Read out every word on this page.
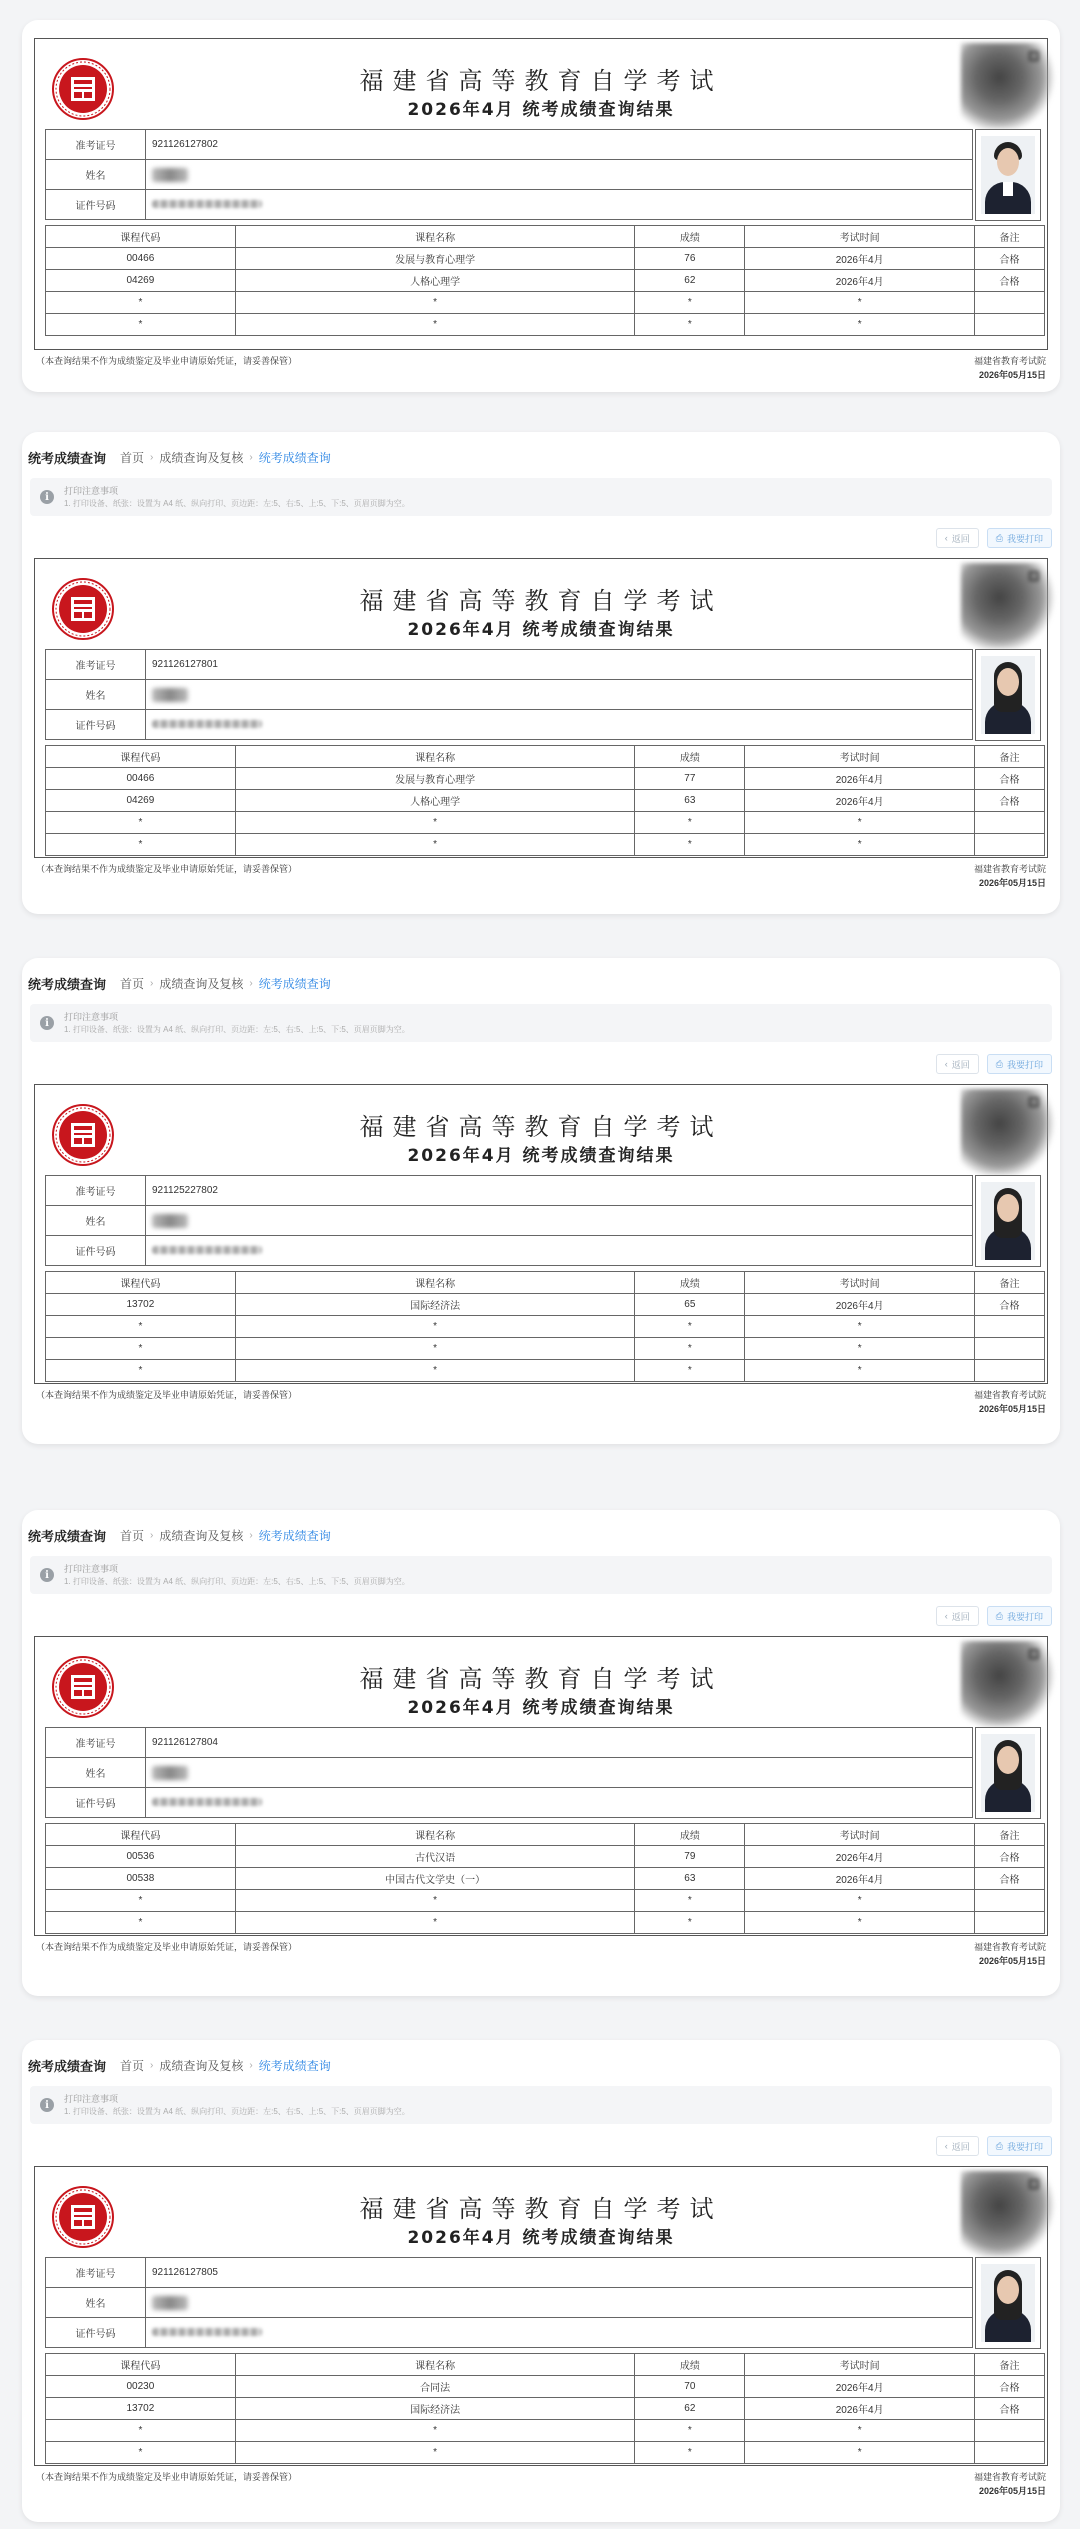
福建省高等教育自学考试
2026年4月 统考成绩查询结果
准考证号	921126127802
姓名	
证件号码	
课程代码	课程名称	成绩	考试时间	备注
00466	发展与教育心理学	76	2026年4月	合格
04269	人格心理学	62	2026年4月	合格
*	*	*	*	
*	*	*	*	
（本查询结果不作为成绩鉴定及毕业申请原始凭证，请妥善保管）	福建省教育考试院
2026年05月15日
统考成绩查询 首页 › 成绩查询及复核 › 统考成绩查询
i
打印注意事项
1. 打印设备、纸张：设置为 A4 纸、纵向打印、页边距：左:5、右:5、上:5、下:5、页眉页脚为空。
‹ 返回	⎙ 我要打印
福建省高等教育自学考试
2026年4月 统考成绩查询结果
准考证号	921126127801
姓名	
证件号码	
课程代码	课程名称	成绩	考试时间	备注
00466	发展与教育心理学	77	2026年4月	合格
04269	人格心理学	63	2026年4月	合格
*	*	*	*	
*	*	*	*	
（本查询结果不作为成绩鉴定及毕业申请原始凭证，请妥善保管）	福建省教育考试院
2026年05月15日
统考成绩查询 首页 › 成绩查询及复核 › 统考成绩查询
i
打印注意事项
1. 打印设备、纸张：设置为 A4 纸、纵向打印、页边距：左:5、右:5、上:5、下:5、页眉页脚为空。
‹ 返回	⎙ 我要打印
福建省高等教育自学考试
2026年4月 统考成绩查询结果
准考证号	921125227802
姓名	
证件号码	
课程代码	课程名称	成绩	考试时间	备注
13702	国际经济法	65	2026年4月	合格
*	*	*	*	
*	*	*	*	
*	*	*	*	
（本查询结果不作为成绩鉴定及毕业申请原始凭证，请妥善保管）	福建省教育考试院
2026年05月15日
统考成绩查询 首页 › 成绩查询及复核 › 统考成绩查询
i
打印注意事项
1. 打印设备、纸张：设置为 A4 纸、纵向打印、页边距：左:5、右:5、上:5、下:5、页眉页脚为空。
‹ 返回	⎙ 我要打印
福建省高等教育自学考试
2026年4月 统考成绩查询结果
准考证号	921126127804
姓名	
证件号码	
课程代码	课程名称	成绩	考试时间	备注
00536	古代汉语	79	2026年4月	合格
00538	中国古代文学史（一）	63	2026年4月	合格
*	*	*	*	
*	*	*	*	
（本查询结果不作为成绩鉴定及毕业申请原始凭证，请妥善保管）	福建省教育考试院
2026年05月15日
统考成绩查询 首页 › 成绩查询及复核 › 统考成绩查询
i
打印注意事项
1. 打印设备、纸张：设置为 A4 纸、纵向打印、页边距：左:5、右:5、上:5、下:5、页眉页脚为空。
‹ 返回	⎙ 我要打印
福建省高等教育自学考试
2026年4月 统考成绩查询结果
准考证号	921126127805
姓名	
证件号码	
课程代码	课程名称	成绩	考试时间	备注
00230	合同法	70	2026年4月	合格
13702	国际经济法	62	2026年4月	合格
*	*	*	*	
*	*	*	*	
（本查询结果不作为成绩鉴定及毕业申请原始凭证，请妥善保管）	福建省教育考试院
2026年05月15日
